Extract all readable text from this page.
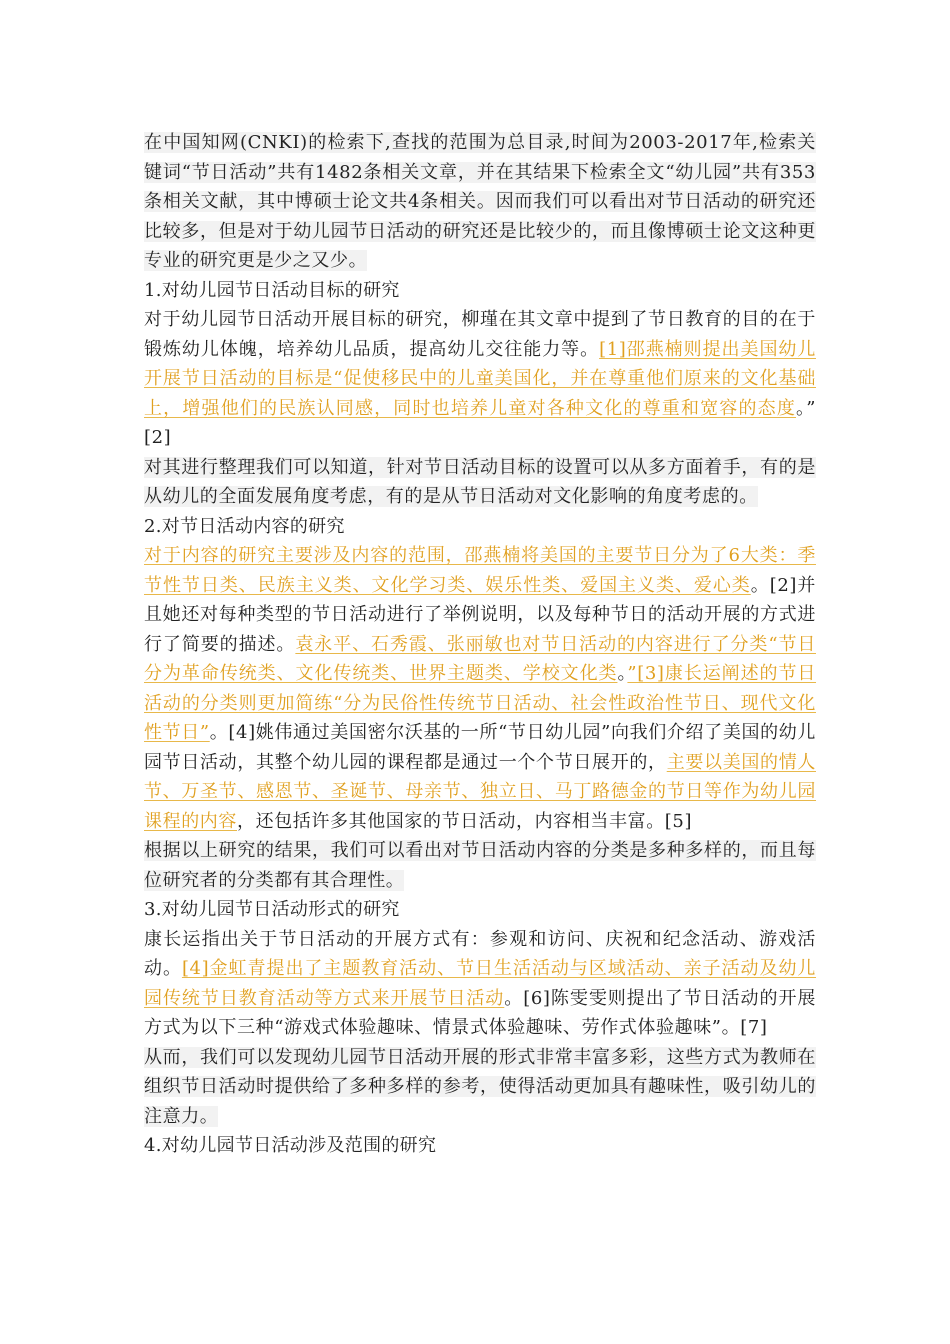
在中国知网(CNKI)的检索下,查找的范围为总目录,时间为2003-2017年,检索关键词“节日活动”共有1482条相关文章，并在其结果下检索全文“幼儿园”共有353条相关文献，其中博硕士论文共4条相关。因而我们可以看出对节日活动的研究还比较多，但是对于幼儿园节日活动的研究还是比较少的，而且像博硕士论文这种更专业的研究更是少之又少。

1.对幼儿园节日活动目标的研究

对于幼儿园节日活动开展目标的研究，柳瑾在其文章中提到了节日教育的目的在于锻炼幼儿体魄，培养幼儿品质，提高幼儿交往能力等。[1]邵燕楠则提出美国幼儿开展节日活动的目标是“促使移民中的儿童美国化，并在尊重他们原来的文化基础上，增强他们的民族认同感，同时也培养儿童对各种文化的尊重和宽容的态度。” [2]

对其进行整理我们可以知道，针对节日活动目标的设置可以从多方面着手，有的是从幼儿的全面发展角度考虑，有的是从节日活动对文化影响的角度考虑的。

2.对节日活动内容的研究

对于内容的研究主要涉及内容的范围，邵燕楠将美国的主要节日分为了6大类：季节性节日类、民族主义类、文化学习类、娱乐性类、爱国主义类、爱心类。[2]并且她还对每种类型的节日活动进行了举例说明，以及每种节日的活动开展的方式进行了简要的描述。袁永平、石秀霞、张丽敏也对节日活动的内容进行了分类“节日分为革命传统类、文化传统类、世界主题类、学校文化类。”[3]康长运阐述的节日活动的分类则更加简练“分为民俗性传统节日活动、社会性政治性节日、现代文化性节日”。[4]姚伟通过美国密尔沃基的一所“节日幼儿园”向我们介绍了美国的幼儿园节日活动，其整个幼儿园的课程都是通过一个个节日展开的，主要以美国的情人节、万圣节、感恩节、圣诞节、母亲节、独立日、马丁路德金的节日等作为幼儿园课程的内容，还包括许多其他国家的节日活动，内容相当丰富。[5]

根据以上研究的结果，我们可以看出对节日活动内容的分类是多种多样的，而且每位研究者的分类都有其合理性。

3.对幼儿园节日活动形式的研究

康长运指出关于节日活动的开展方式有：参观和访问、庆祝和纪念活动、游戏活动。[4]金虹青提出了主题教育活动、节日生活活动与区域活动、亲子活动及幼儿园传统节日教育活动等方式来开展节日活动。[6]陈雯雯则提出了节日活动的开展方式为以下三种“游戏式体验趣味、情景式体验趣味、劳作式体验趣味”。[7]

从而，我们可以发现幼儿园节日活动开展的形式非常丰富多彩，这些方式为教师在组织节日活动时提供给了多种多样的参考，使得活动更加具有趣味性，吸引幼儿的注意力。

4.对幼儿园节日活动涉及范围的研究
